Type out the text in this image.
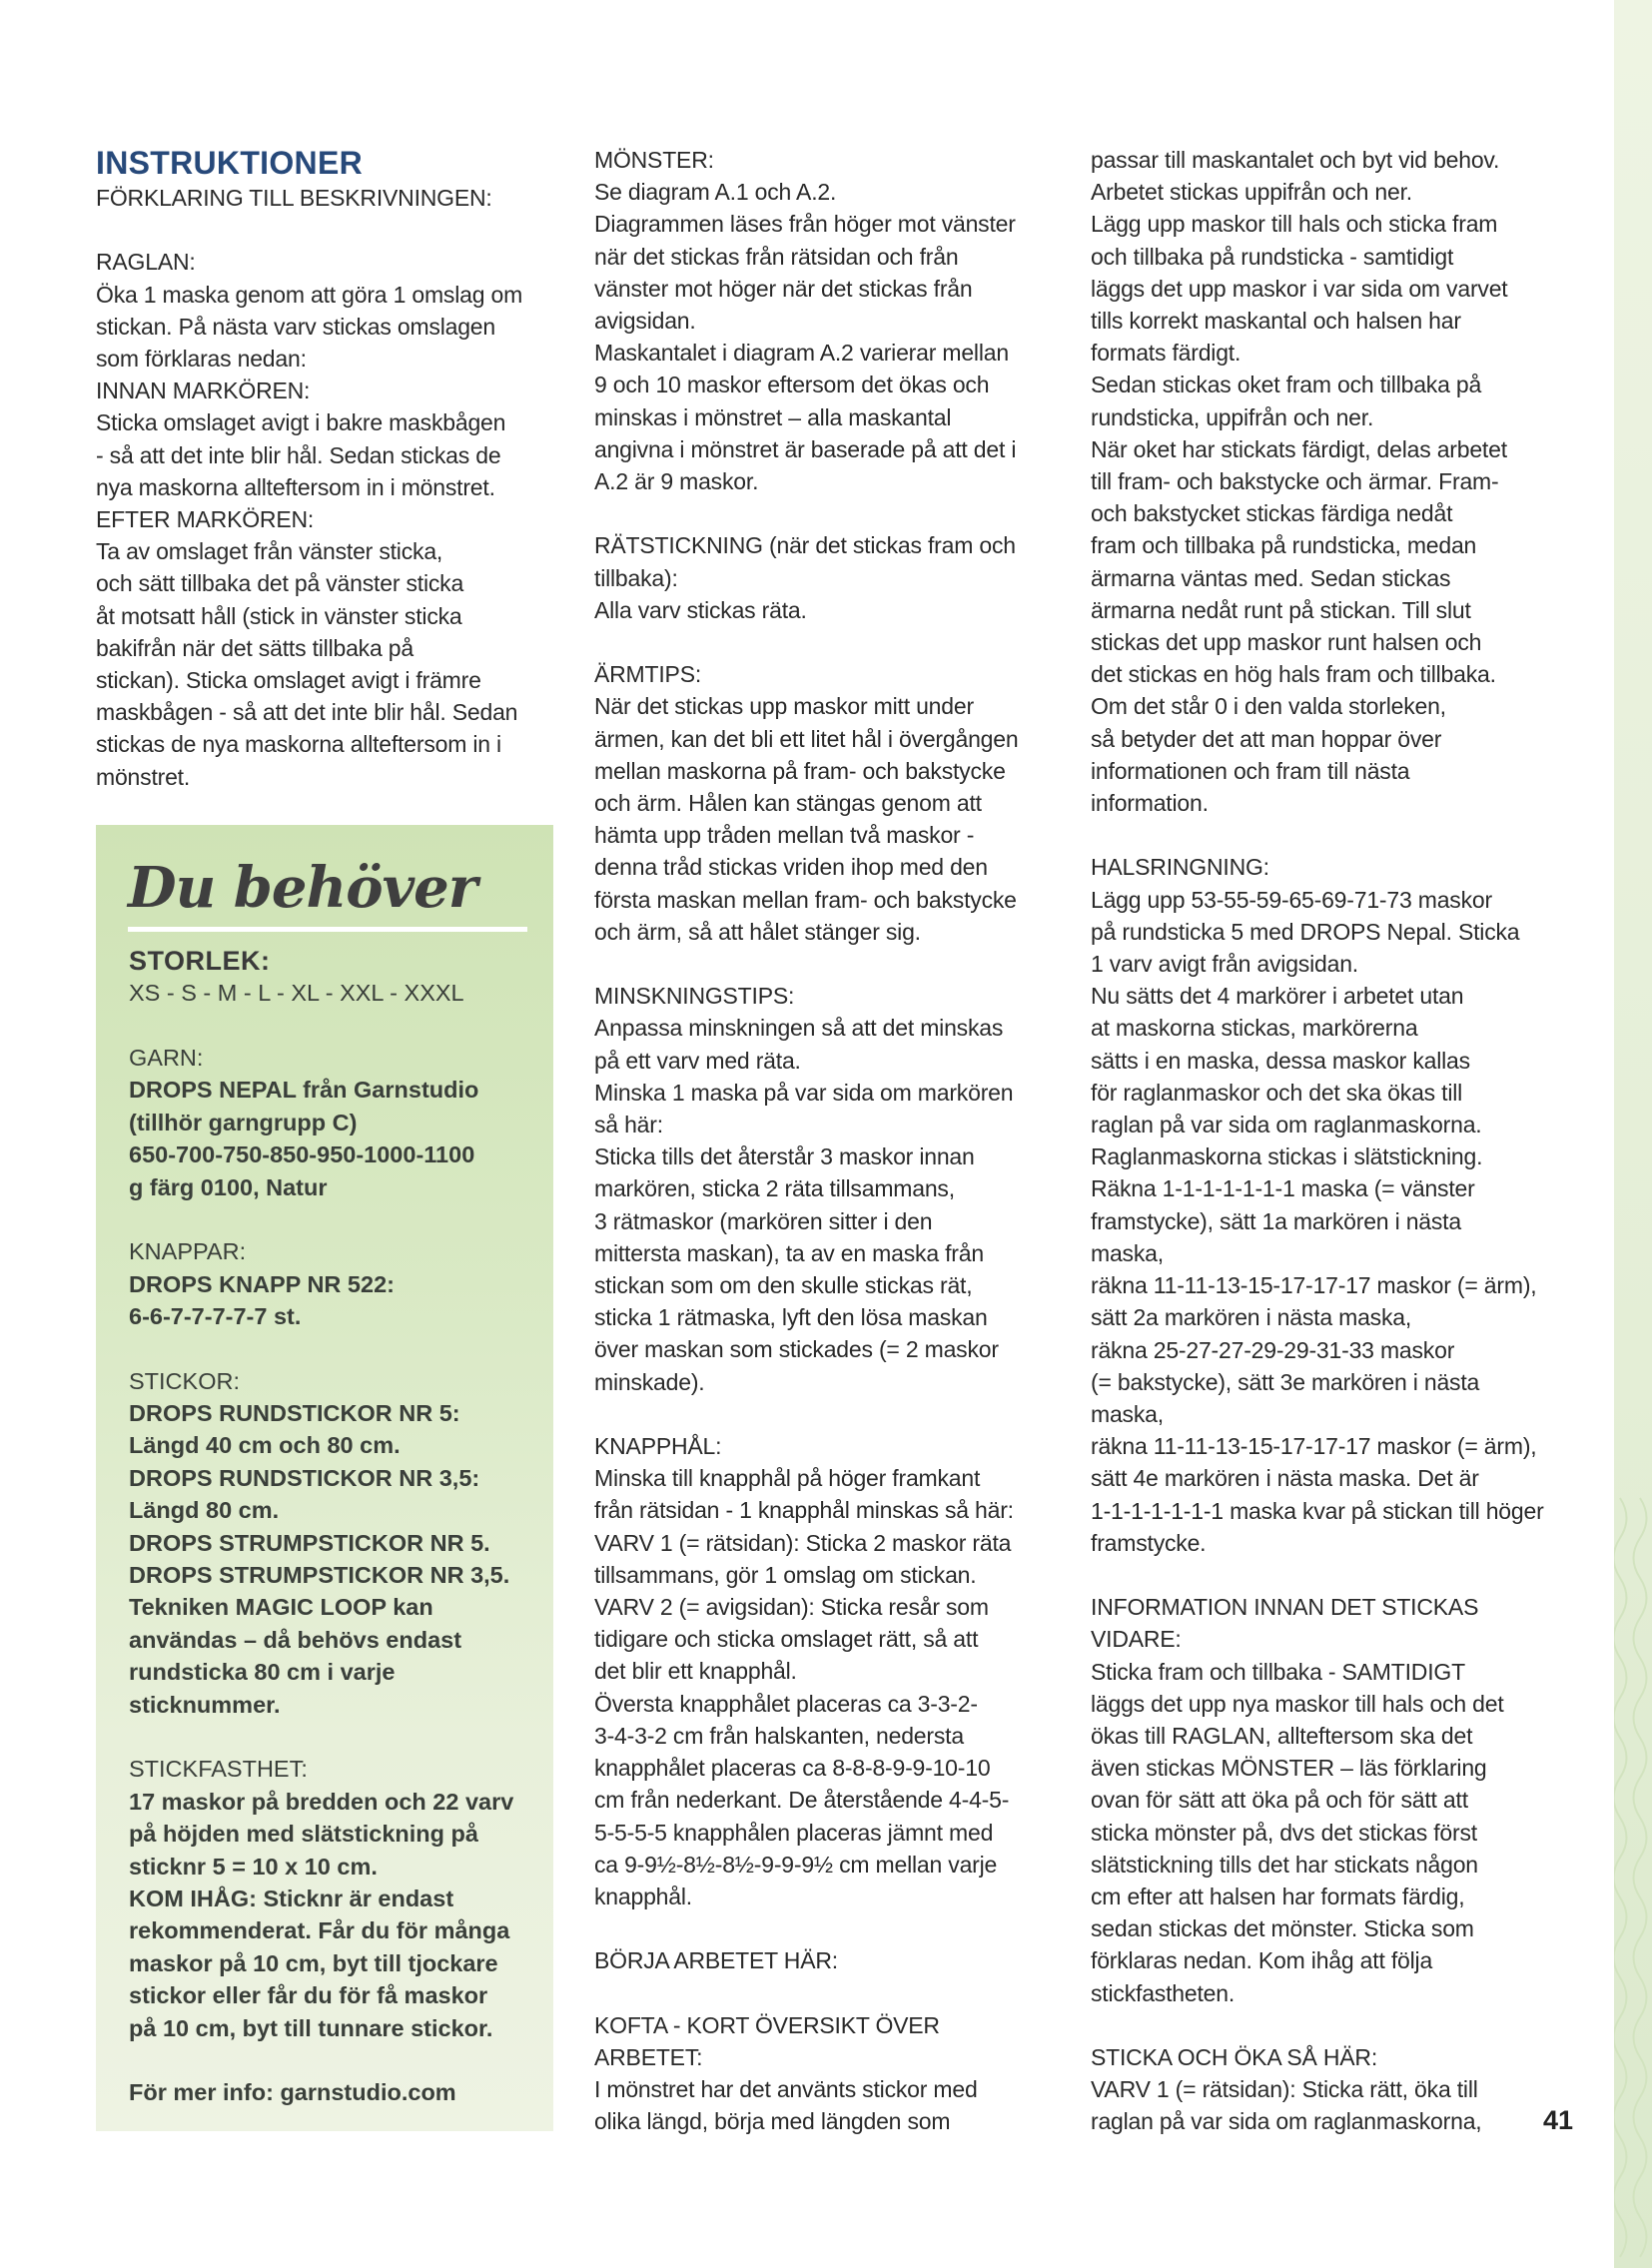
INSTRUKTIONER
FÖRKLARING TILL BESKRIVNINGEN:
RAGLAN:
Öka 1 maska genom att göra 1 omslag om
stickan. På nästa varv stickas omslagen
som förklaras nedan:
INNAN MARKÖREN:
Sticka omslaget avigt i bakre maskbågen
- så att det inte blir hål. Sedan stickas de
nya maskorna allteftersom in i mönstret.
EFTER MARKÖREN:
Ta av omslaget från vänster sticka,
och sätt tillbaka det på vänster sticka
åt motsatt håll (stick in vänster sticka
bakifrån när det sätts tillbaka på
stickan). Sticka omslaget avigt i främre
maskbågen - så att det inte blir hål. Sedan
stickas de nya maskorna allteftersom in i
mönstret.
Du behöver
STORLEK:
XS - S - M - L - XL - XXL - XXXL
GARN:
DROPS NEPAL från Garnstudio
(tillhör garngrupp C)
650-700-750-850-950-1000-1100
g färg 0100, Natur
KNAPPAR:
DROPS KNAPP NR 522:
6-6-7-7-7-7-7 st.
STICKOR:
DROPS RUNDSTICKOR NR 5:
Längd 40 cm och 80 cm.
DROPS RUNDSTICKOR NR 3,5:
Längd 80 cm.
DROPS STRUMPSTICKOR NR 5.
DROPS STRUMPSTICKOR NR 3,5.
Tekniken MAGIC LOOP kan
användas – då behövs endast
rundsticka 80 cm i varje
sticknummer.
STICKFASTHET:
17 maskor på bredden och 22 varv
på höjden med slätstickning på
sticknr 5 = 10 x 10 cm.
KOM IHÅG: Sticknr är endast
rekommenderat. Får du för många
maskor på 10 cm, byt till tjockare
stickor eller får du för få maskor
på 10 cm, byt till tunnare stickor.
För mer info: garnstudio.com
MÖNSTER:
Se diagram A.1 och A.2.
Diagrammen läses från höger mot vänster
när det stickas från rätsidan och från
vänster mot höger när det stickas från
avigsidan.
Maskantalet i diagram A.2 varierar mellan
9 och 10 maskor eftersom det ökas och
minskas i mönstret – alla maskantal
angivna i mönstret är baserade på att det i
A.2 är 9 maskor.
RÄTSTICKNING (när det stickas fram och
tillbaka):
Alla varv stickas räta.
ÄRMTIPS:
När det stickas upp maskor mitt under
ärmen, kan det bli ett litet hål i övergången
mellan maskorna på fram- och bakstycke
och ärm. Hålen kan stängas genom att
hämta upp tråden mellan två maskor -
denna tråd stickas vriden ihop med den
första maskan mellan fram- och bakstycke
och ärm, så att hålet stänger sig.
MINSKNINGSTIPS:
Anpassa minskningen så att det minskas
på ett varv med räta.
Minska 1 maska på var sida om markören
så här:
Sticka tills det återstår 3 maskor innan
markören, sticka 2 räta tillsammans,
3 rätmaskor (markören sitter i den
mittersta maskan), ta av en maska från
stickan som om den skulle stickas rät,
sticka 1 rätmaska, lyft den lösa maskan
över maskan som stickades (= 2 maskor
minskade).
KNAPPHÅL:
Minska till knapphål på höger framkant
från rätsidan - 1 knapphål minskas så här:
VARV 1 (= rätsidan): Sticka 2 maskor räta
tillsammans, gör 1 omslag om stickan.
VARV 2 (= avigsidan): Sticka resår som
tidigare och sticka omslaget rätt, så att
det blir ett knapphål.
Översta knapphålet placeras ca 3-3-2-
3-4-3-2 cm från halskanten, nedersta
knapphålet placeras ca 8-8-8-9-9-10-10
cm från nederkant. De återstående 4-4-5-
5-5-5-5 knapphålen placeras jämnt med
ca 9-9½-8½-8½-9-9-9½ cm mellan varje
knapphål.
BÖRJA ARBETET HÄR:
KOFTA - KORT ÖVERSIKT ÖVER
ARBETET:
I mönstret har det använts stickor med
olika längd, börja med längden som
passar till maskantalet och byt vid behov.
Arbetet stickas uppifrån och ner.
Lägg upp maskor till hals och sticka fram
och tillbaka på rundsticka - samtidigt
läggs det upp maskor i var sida om varvet
tills korrekt maskantal och halsen har
formats färdigt.
Sedan stickas oket fram och tillbaka på
rundsticka, uppifrån och ner.
När oket har stickats färdigt, delas arbetet
till fram- och bakstycke och ärmar. Fram-
och bakstycket stickas färdiga nedåt
fram och tillbaka på rundsticka, medan
ärmarna väntas med. Sedan stickas
ärmarna nedåt runt på stickan. Till slut
stickas det upp maskor runt halsen och
det stickas en hög hals fram och tillbaka.
Om det står 0 i den valda storleken,
så betyder det att man hoppar över
informationen och fram till nästa
information.
HALSRINGNING:
Lägg upp 53-55-59-65-69-71-73 maskor
på rundsticka 5 med DROPS Nepal. Sticka
1 varv avigt från avigsidan.
Nu sätts det 4 markörer i arbetet utan
at maskorna stickas, markörerna
sätts i en maska, dessa maskor kallas
för raglanmaskor och det ska ökas till
raglan på var sida om raglanmaskorna.
Raglanmaskorna stickas i slätstickning.
Räkna 1-1-1-1-1-1-1 maska (= vänster
framstycke), sätt 1a markören i nästa
maska,
räkna 11-11-13-15-17-17-17 maskor (= ärm),
sätt 2a markören i nästa maska,
räkna 25-27-27-29-29-31-33 maskor
(= bakstycke), sätt 3e markören i nästa
maska,
räkna 11-11-13-15-17-17-17 maskor (= ärm),
sätt 4e markören i nästa maska. Det är
1-1-1-1-1-1-1 maska kvar på stickan till höger
framstycke.
INFORMATION INNAN DET STICKAS
VIDARE:
Sticka fram och tillbaka - SAMTIDIGT
läggs det upp nya maskor till hals och det
ökas till RAGLAN, allteftersom ska det
även stickas MÖNSTER – läs förklaring
ovan för sätt att öka på och för sätt att
sticka mönster på, dvs det stickas först
slätstickning tills det har stickats någon
cm efter att halsen har formats färdig,
sedan stickas det mönster. Sticka som
förklaras nedan. Kom ihåg att följa
stickfastheten.
STICKA OCH ÖKA SÅ HÄR:
VARV 1 (= rätsidan): Sticka rätt, öka till
raglan på var sida om raglanmaskorna,	41
